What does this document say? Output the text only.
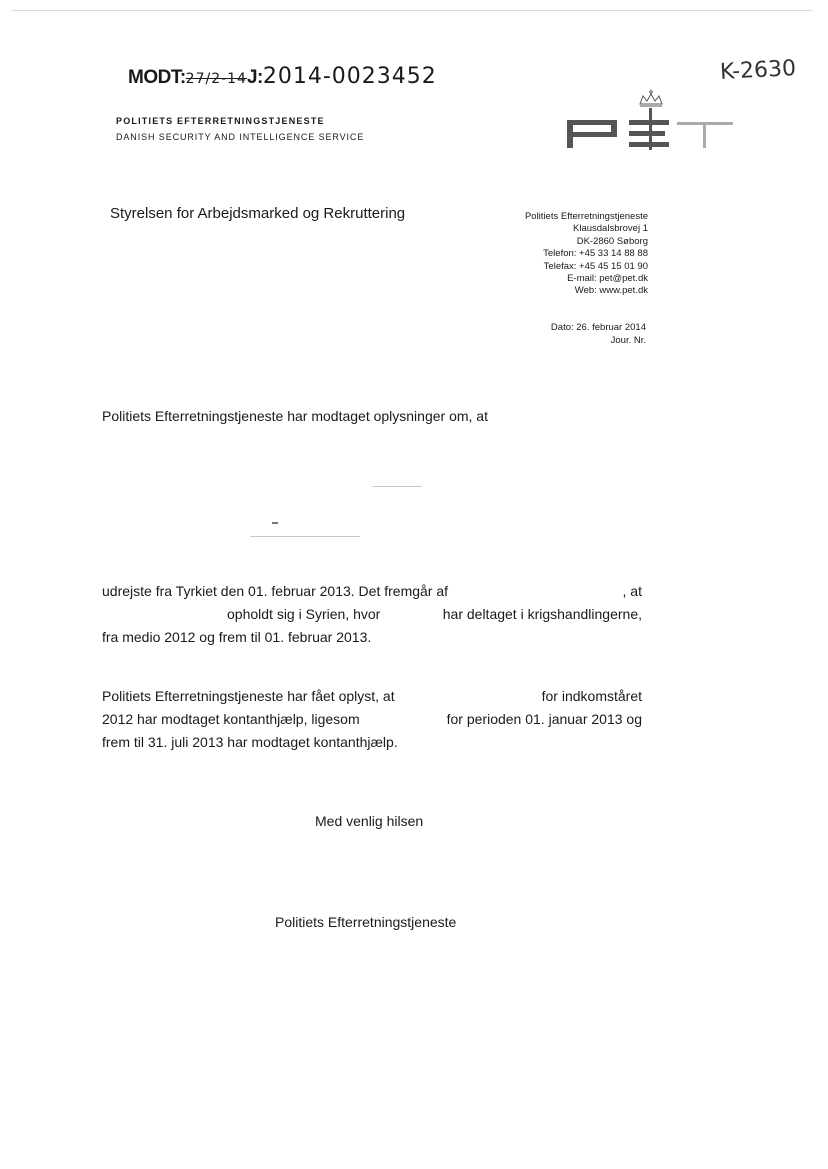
MODT:27/2-14J:2014-0023452	K-2630
POLITIETS EFTERRETNINGSTJENESTE
DANISH SECURITY AND INTELLIGENCE SERVICE
Styrelsen for Arbejdsmarked og Rekruttering	Politiets Efterretningstjeneste
Klausdalsbrovej 1
DK-2860 Søborg
Telefon: +45 33 14 88 88
Telefax: +45 45 15 01 90
E-mail: pet@pet.dk
Web: www.pet.dk
Dato: 26. februar 2014
Jour. Nr.
Politiets Efterretningstjeneste har modtaget oplysninger om, at
udrejste fra Tyrkiet den 01. februar 2013. Det fremgår af	, at
opholdt sig i Syrien, hvor	har deltaget i krigshandlingerne,
fra medio 2012 og frem til 01. februar 2013.
Politiets Efterretningstjeneste har fået oplyst, at	for indkomståret
2012 har modtaget kontanthjælp, ligesom	for perioden 01. januar 2013 og
frem til 31. juli 2013 har modtaget kontanthjælp.
Med venlig hilsen
Politiets Efterretningstjeneste
